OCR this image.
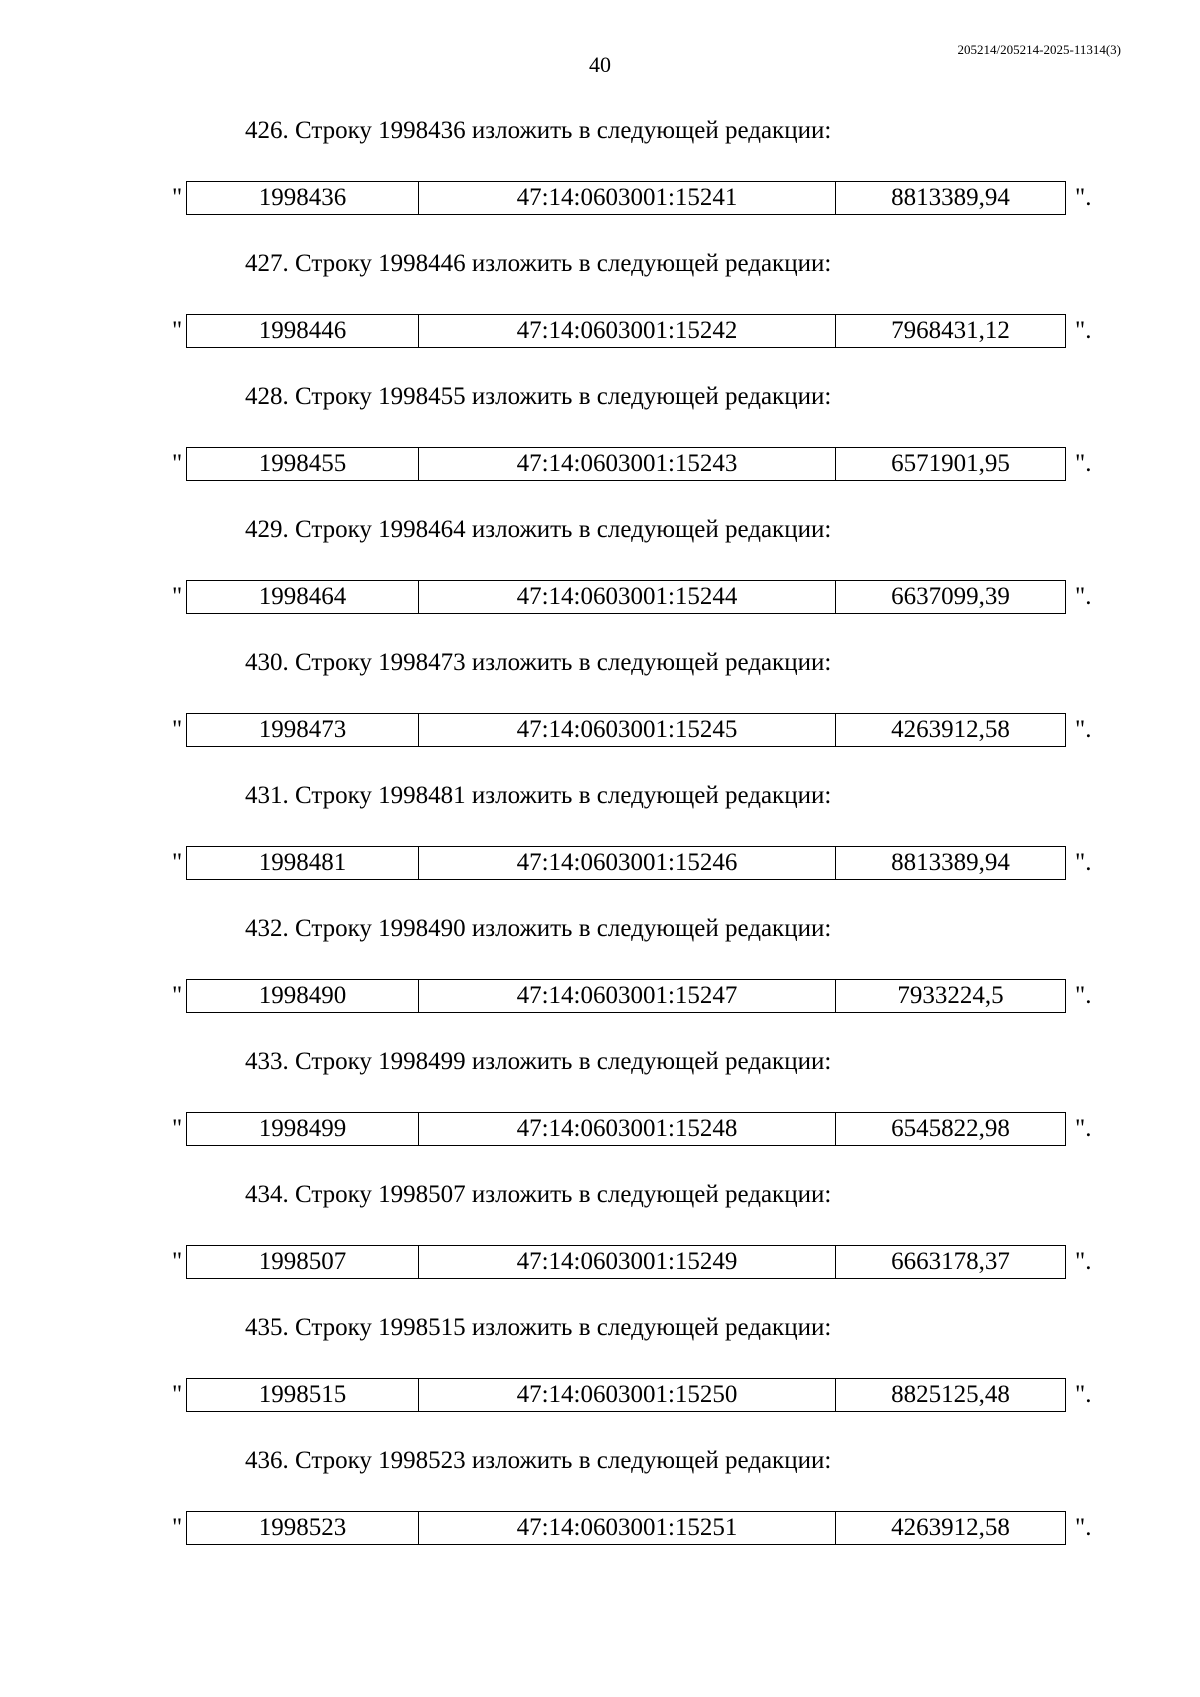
40
205214/205214-2025-11314(3)
426. Строку 1998436 изложить в следующей редакции:
"	1998436	47:14:0603001:15241	8813389,94	".
427. Строку 1998446 изложить в следующей редакции:
"	1998446	47:14:0603001:15242	7968431,12	".
428. Строку 1998455 изложить в следующей редакции:
"	1998455	47:14:0603001:15243	6571901,95	".
429. Строку 1998464 изложить в следующей редакции:
"	1998464	47:14:0603001:15244	6637099,39	".
430. Строку 1998473 изложить в следующей редакции:
"	1998473	47:14:0603001:15245	4263912,58	".
431. Строку 1998481 изложить в следующей редакции:
"	1998481	47:14:0603001:15246	8813389,94	".
432. Строку 1998490 изложить в следующей редакции:
"	1998490	47:14:0603001:15247	7933224,5	".
433. Строку 1998499 изложить в следующей редакции:
"	1998499	47:14:0603001:15248	6545822,98	".
434. Строку 1998507 изложить в следующей редакции:
"	1998507	47:14:0603001:15249	6663178,37	".
435. Строку 1998515 изложить в следующей редакции:
"	1998515	47:14:0603001:15250	8825125,48	".
436. Строку 1998523 изложить в следующей редакции:
"	1998523	47:14:0603001:15251	4263912,58	".
